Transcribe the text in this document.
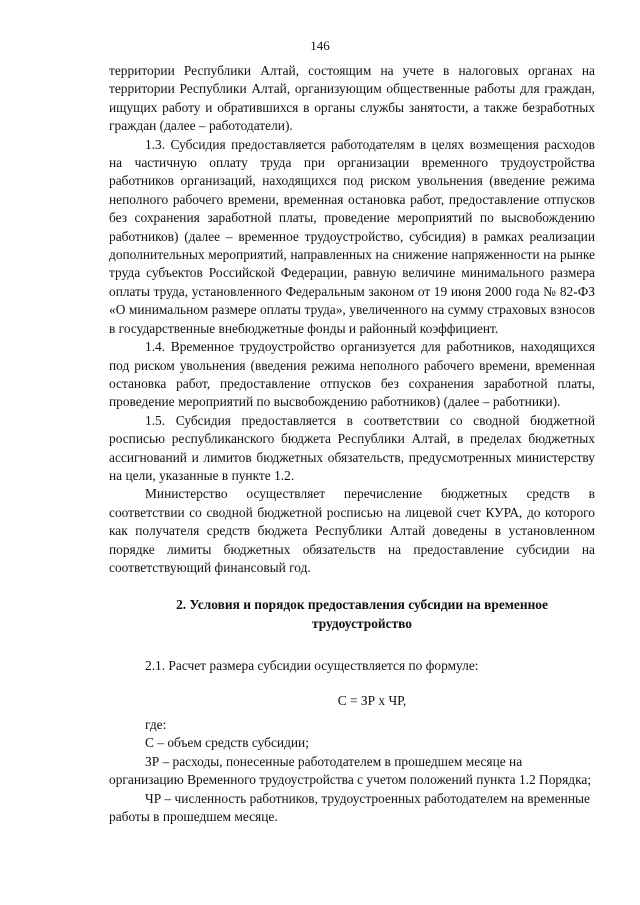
146

территории Республики Алтай, состоящим на учете в налоговых органах на территории Республики Алтай, организующим общественные работы для граждан, ищущих работу и обратившихся в органы службы занятости, а также безработных граждан (далее – работодатели).

1.3. Субсидия предоставляется работодателям в целях возмещения расходов на частичную оплату труда при организации временного трудоустройства работников организаций, находящихся под риском увольнения (введение режима неполного рабочего времени, временная остановка работ, предоставление отпусков без сохранения заработной платы, проведение мероприятий по высвобождению работников) (далее – временное трудоустройство, субсидия) в рамках реализации дополнительных мероприятий, направленных на снижение напряженности на рынке труда субъектов Российской Федерации, равную величине минимального размера оплаты труда, установленного Федеральным законом от 19 июня 2000 года № 82-ФЗ «О минимальном размере оплаты труда», увеличенного на сумму страховых взносов в государственные внебюджетные фонды и районный коэффициент.

1.4. Временное трудоустройство организуется для работников, находящихся под риском увольнения (введения режима неполного рабочего времени, временная остановка работ, предоставление отпусков без сохранения заработной платы, проведение мероприятий по высвобождению работников) (далее – работники).

1.5. Субсидия предоставляется в соответствии со сводной бюджетной росписью республиканского бюджета Республики Алтай, в пределах бюджетных ассигнований и лимитов бюджетных обязательств, предусмотренных министерству на цели, указанные в пункте 1.2.

Министерство осуществляет перечисление бюджетных средств в соответствии со сводной бюджетной росписью на лицевой счет КУРА, до которого как получателя средств бюджета Республики Алтай доведены в установленном порядке лимиты бюджетных обязательств на предоставление субсидии на соответствующий финансовый год.

2. Условия и порядок предоставления субсидии на временное трудоустройство

2.1. Расчет размера субсидии осуществляется по формуле:

С = ЗР х ЧР,

где:

С – объем средств субсидии;

ЗР – расходы, понесенные работодателем в прошедшем месяце на организацию Временного трудоустройства с учетом положений пункта 1.2 Порядка;

ЧР – численность работников, трудоустроенных работодателем на временные работы в прошедшем месяце.
